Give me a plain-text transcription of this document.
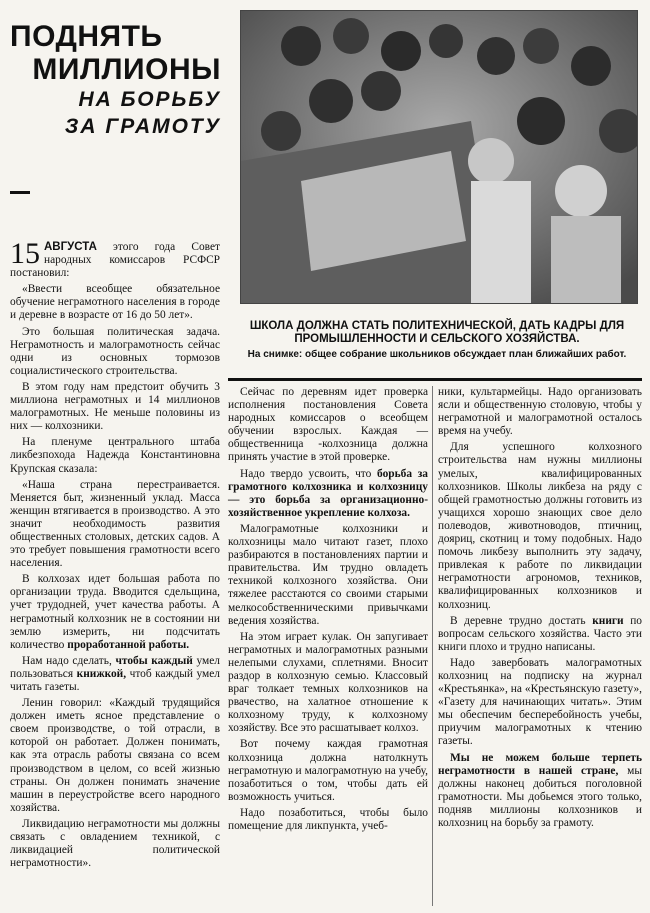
ПОДНЯТЬ
МИЛЛИОНЫ
НА БОРЬБУ
ЗА ГРАМОТУ
ШКОЛА ДОЛЖНА СТАТЬ ПОЛИТЕХНИЧЕСКОЙ, ДАТЬ КАДРЫ ДЛЯ ПРОМЫШЛЕННОСТИ И СЕЛЬСКОГО ХОЗЯЙСТВА.
На снимке: общее собрание школьников обсуждает план ближайших работ.

15 АВГУСТА этого года Совет народных комиссаров РСФСР постановил:

«Ввести всеобщее обязательное обучение неграмотного населения в городе и деревне в возрасте от 16 до 50 лет».

Это большая политическая задача. Неграмотность и малограмотность сейчас одни из основных тормозов социалистического строительства.

В этом году нам предстоит обучить 3 миллиона неграмотных и 14 миллионов малограмотных. Не меньше половины из них — колхозники.

На пленуме центрального штаба ликбезпохода Надежда Константиновна Крупская сказала:

«Наша страна перестраивается. Меняется быт, жизненный уклад. Масса женщин втягивается в производство. А это значит необходимость развития общественных столовых, детских садов. А это требует повышения грамотности всего населения.

В колхозах идет большая работа по организации труда. Вводится сдельщина, учет трудодней, учет качества работы. А неграмотный колхозник не в состоянии ни землю измерить, ни подсчитать количество проработанной работы.

Нам надо сделать, чтобы каждый умел пользоваться книжкой, чтоб каждый умел читать газеты.

Ленин говорил: «Каждый трудящийся должен иметь ясное представление о своем производстве, о той отрасли, в которой он работает. Должен понимать, как эта отрасль работы связана со всем производством в целом, со всей жизнью страны. Он должен понимать значение машин в переустройстве всего народного хозяйства.

Ликвидацию неграмотности мы должны связать с овладением техникой, с ликвидацией политической неграмотности».

Сейчас по деревням идет проверка исполнения постановления Совета народных комиссаров о всеобщем обучении взрослых. Каждая — общественница -колхозница должна принять участие в этой проверке.

Надо твердо усвоить, что борьба за грамотного колхозника и колхозницу — это борьба за организационно-хозяйственное укрепление колхоза.

Малограмотные колхозники и колхозницы мало читают газет, плохо разбираются в постановлениях партии и правительства. Им трудно овладеть техникой колхозного хозяйства. Они тяжелее расстаются со своими старыми мелкособственническими привычками ведения хозяйства.

На этом играет кулак. Он запугивает неграмотных и малограмотных разными нелепыми слухами, сплетнями. Вносит раздор в колхозную семью. Классовый враг толкает темных колхозников на рвачество, на халатное отношение к колхозному труду, к колхозному хозяйству. Все это расшатывает колхоз.

Вот почему каждая грамотная колхозница должна натолкнуть неграмотную и малограмотную на учебу, позаботиться о том, чтобы дать ей возможность учиться.

Надо позаботиться, чтобы было помещение для ликпункта, учеб-

ники, культармейцы. Надо организовать ясли и общественную столовую, чтобы у неграмотной и малограмотной осталось время на учебу.

Для успешного колхозного строительства нам нужны миллионы умелых, квалифицированных колхозников. Школы ликбеза на ряду с общей грамотностью должны готовить из учащихся хорошо знающих свое дело полеводов, животноводов, птичниц, дояриц, скотниц и тому подобных. Надо помочь ликбезу выполнить эту задачу, привлекая к работе по ликвидации неграмотности агрономов, техников, квалифицированных колхозников и колхозниц.

В деревне трудно достать книги по вопросам сельского хозяйства. Часто эти книги плохо и трудно написаны.

Надо завербовать малограмотных колхозниц на подписку на журнал «Крестьянка», на «Крестьянскую газету», «Газету для начинающих читать». Этим мы обеспечим бесперебойность учебы, приучим малограмотных к чтению газеты.

Мы не можем больше терпеть неграмотности в нашей стране, мы должны наконец добиться поголовной грамотности. Мы добьемся этого только, подняв миллионы колхозников и колхозниц на борьбу за грамоту.
